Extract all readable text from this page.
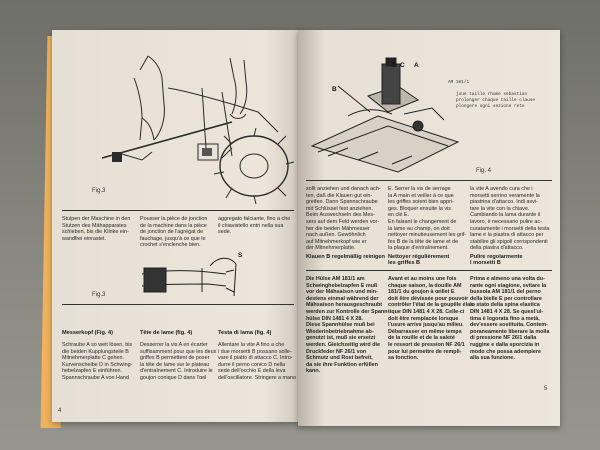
Fig.3
Stulpen der Maschine in den
Stutzen des Mähapparates
schieben, bis die Klinke ein-
wandfrei einrastet.
Pousser la pièce de jonction
de la machine dans la pièce
de jonction de l'agrégat de
fauchage, jusqu'à ce que le
crochet s'enclenche bien.
aggregato falciante, fino a che
il chiavistello entri nella sua
sede.
S
Fig.3
Messerkopf (Fig. 4)	Tête de lame (fig. 4)	Testa di lama (fig. 4)
Schraube A so weit lösen, bis
die beiden Kupplungsteile B
Mitnehmerplatte C gehen.
Kurvenscheibe D in Schwing-
hebelzapfen E einführen.
Spannschraube A von Hand
Desserrer la vis A en écarter
suffisamment pour que les deux
griffes B permettent de poser
la tête de lame sur le plateau
d'entraînement C. Introduire le
goujon conique D dans l'œil
Allentare la vite A fino a che
i due morsetti B possano solle-
vare il piatto di attacco C. Intro-
durre il perno conico D nella
sede dell'occhio E della leva
dell'oscillatore. Stringere a mano
4
B
D C A
AM 181/1
joue taille rhume sebastian
prolonger chaque taille clause
plongere ogni sezione rete
Fig. 4
sollt anziehen und danach ach-
ten, daß die Klauen gut ein-
greifen. Dann Spannschraube
mit Schlüssel fest anziehen.
Beim Auswechseln des Mes-
sers auf dem Feld werden vor-
her die beiden Mähmesser
nach außen. Gewöhnlich
auf Mitnehmerkopf wie er
der Mitnehmerplatte.
E. Serrer la vis de serrage
la A main et veiller à ce que
les griffes soient bien appri-
ges. Bloquer ensuite la vis
en clé E.
En faisant le changement de
la lame au champ, on doit
nettoyer minutieusement les grif-
fes B de la tête de lame et de
la plaque d'entraînement.
la vite A avendo cura che i
morsetti serrino veramente la
piastrina d'attacco. Indi avvi-
tare la vite con la chiave.
Cambiando la lama durante il
lavoro, è necessario pulire ac-
curatamente i morsetti della testa
lame e la piastra di attacco per
stabilire gli spigoli corrispondenti
della piastra d'attacco.
Klauen B regelmäßig reinigen Nettoyer régulièrement
les griffes B
Pulire regolarmente
i morsetti B
Die Hülse AM 181/1 am
Schwinghebelzapfen E muß
vor der Mähsaison und min-
destens einmal während der
Mähsaison herausgeschraubt
werden zur Kontrolle der Spann-
hülse DIN 1481 4 X 28.
Diese Spannhülse muß bei
Wiederinbetriebnahme ab-
genutzt ist, muß sie ersetzt
werden. Gleichzeitig wird die
Druckfeder NF 26/1 von
Schmutz und Rost befreit,
da sie ihre Funktion erfüllen
kann.
Avant et au moins une fois
chaque saison, la douille AM
181/1 du goujon à œillet E
doit être dévissée pour pouvoir
contrôler l'état de la goupille élas-
tique DIN 1481 4 X 28. Celle-ci
doit être remplacée lorsque
l'usure arrive jusqu'au milieu.
Débarrasser en même temps
de la rouille et de la saleté
le ressort de pression NF 26/1
pour lui permettre de rempli-
sa fonction.
Prima e almeno una volta du-
rante ogni stagione, svitare la
bussola AM 181/1 del perno
della bielle E per controllare
lo stato della spina elastica
DIN 1481 4 X 28. Se quest'ul-
tima è logorata fino a metà,
dev'essere sostituita. Contem-
poraneamente liberare la molla
di pressione NF 26/1 dalla
ruggine e dalla sporcizia in
modo che possa adempiere
alla sua funzione.
5
